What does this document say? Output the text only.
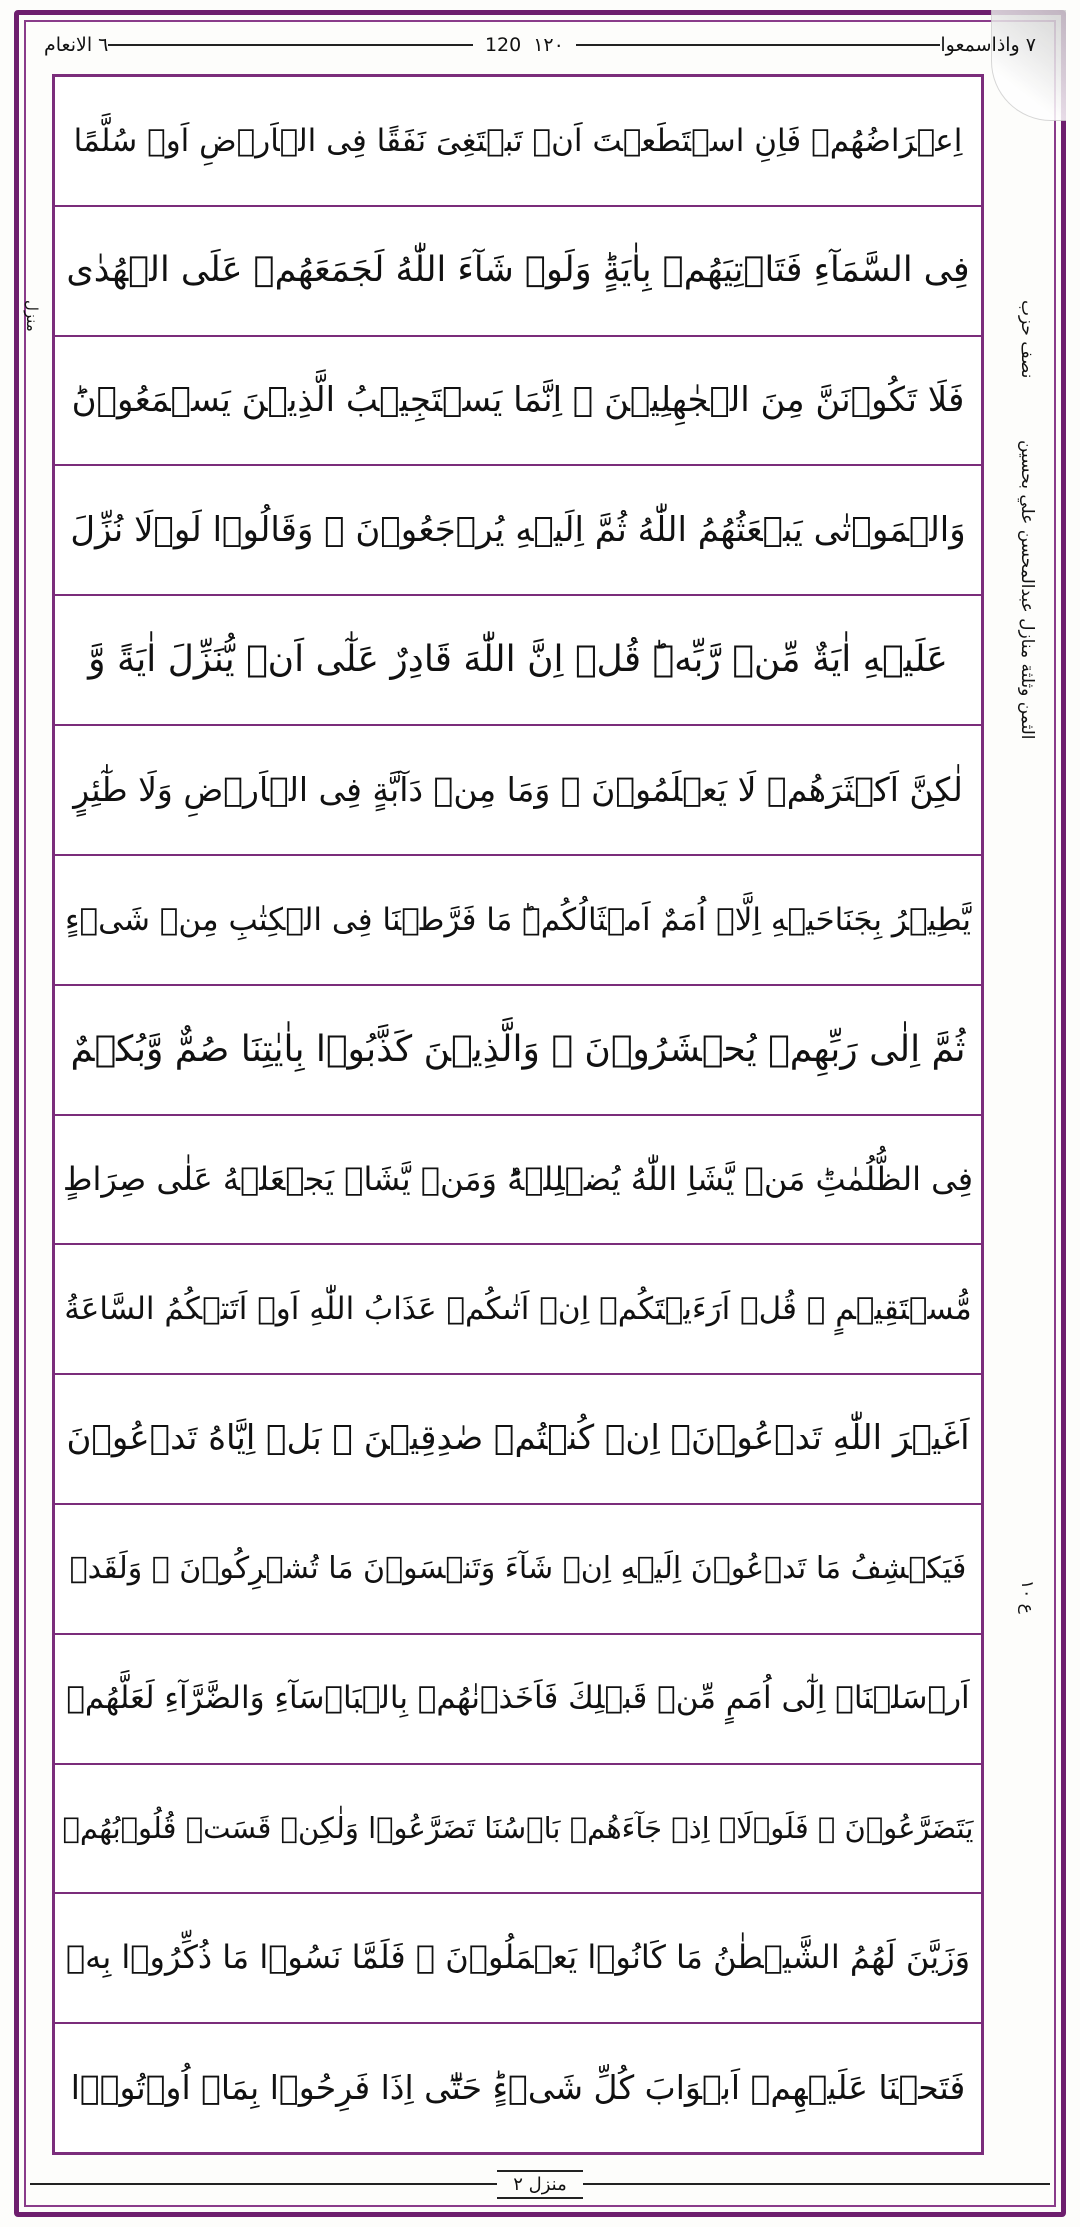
٧ واذاسمعوا
١٢٠
120
٦ الانعام
اِعۡرَاضُهُمۡ فَاِنِ اسۡتَطَعۡتَ اَنۡ تَبۡتَغِىَ نَفَقًا فِى الۡاَرۡضِ اَوۡ سُلَّمًا
فِى السَّمَآءِ فَتَاۡتِيَهُمۡ بِاٰيَةٍ‌ؕ وَلَوۡ شَآءَ اللّٰهُ لَجَمَعَهُمۡ عَلَى الۡهُدٰى
فَلَا تَكُوۡنَنَّ مِنَ الۡجٰهِلِيۡنَ ۞ اِنَّمَا يَسۡتَجِيۡبُ الَّذِيۡنَ يَسۡمَعُوۡنَ‌ؕ
وَالۡمَوۡتٰى يَبۡعَثُهُمُ اللّٰهُ ثُمَّ اِلَيۡهِ يُرۡجَعُوۡنَ ۞ وَقَالُوۡا لَوۡلَا نُزِّلَ
عَلَيۡهِ اٰيَةٌ مِّنۡ رَّبِّهٖ‌ؕ قُلۡ اِنَّ اللّٰهَ قَادِرٌ عَلٰٓى اَنۡ يُّنَزِّلَ اٰيَةً وَّ
لٰكِنَّ اَكۡثَرَهُمۡ لَا يَعۡلَمُوۡنَ ۞ وَمَا مِنۡ دَآبَّةٍ فِى الۡاَرۡضِ وَلَا طٰٓئِرٍ
يَّطِيۡرُ بِجَنَاحَيۡهِ اِلَّاۤ اُمَمٌ اَمۡثَالُكُمۡ‌ؕ مَا فَرَّطۡنَا فِى الۡكِتٰبِ مِنۡ شَىۡءٍ
ثُمَّ اِلٰى رَبِّهِمۡ يُحۡشَرُوۡنَ ۞ وَالَّذِيۡنَ كَذَّبُوۡا بِاٰيٰتِنَا صُمٌّ وَّبُكۡمٌ
فِى الظُّلُمٰتِ‌ؕ مَنۡ يَّشَاِ اللّٰهُ يُضۡلِلۡهُ‌ؕ وَمَنۡ يَّشَاۡ يَجۡعَلۡهُ عَلٰى صِرَاطٍ
مُّسۡتَقِيۡمٍ ۞ قُلۡ اَرَءَيۡتَكُمۡ اِنۡ اَتٰٮكُمۡ عَذَابُ اللّٰهِ اَوۡ اَتَتۡكُمُ السَّاعَةُ
اَغَيۡرَ اللّٰهِ تَدۡعُوۡنَ‌ۚ اِنۡ كُنۡتُمۡ صٰدِقِيۡنَ ۞ بَلۡ اِيَّاهُ تَدۡعُوۡنَ
فَيَكۡشِفُ مَا تَدۡعُوۡنَ اِلَيۡهِ اِنۡ شَآءَ وَتَنۡسَوۡنَ مَا تُشۡرِكُوۡنَ ۞ وَلَقَدۡ
اَرۡسَلۡنَاۤ اِلٰٓى اُمَمٍ مِّنۡ قَبۡلِكَ فَاَخَذۡنٰهُمۡ بِالۡبَاۡسَآءِ وَالضَّرَّآءِ لَعَلَّهُمۡ
يَتَضَرَّعُوۡنَ ۞ فَلَوۡلَاۤ اِذۡ جَآءَهُمۡ بَاۡسُنَا تَضَرَّعُوۡا وَلٰكِنۡ قَسَتۡ قُلُوۡبُهُمۡ
وَزَيَّنَ لَهُمُ الشَّيۡطٰنُ مَا كَانُوۡا يَعۡمَلُوۡنَ ۞ فَلَمَّا نَسُوۡا مَا ذُكِّرُوۡا بِهٖ
فَتَحۡنَا عَلَيۡهِمۡ اَبۡوَابَ كُلِّ شَىۡءٍ‌ؕ حَتّٰٓى اِذَا فَرِحُوۡا بِمَاۤ اُوۡتُوۡۤا
نصف حزب
الثمن وثلثة منازل عبدالمحسن علي بحسين
ع ١٠
منزل
منزل ٢
